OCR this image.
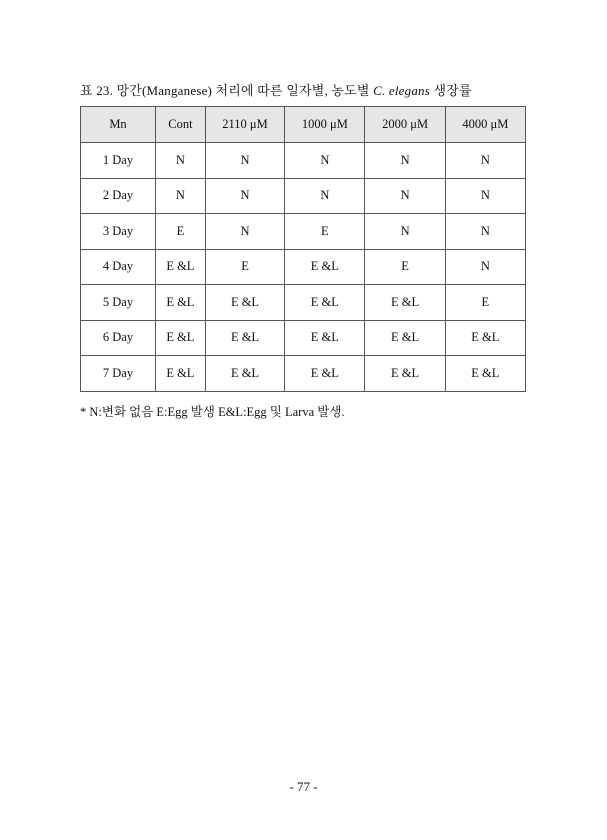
표 23. 망간(Manganese) 처리에 따른 일자별, 농도별 C. elegans 생장률
Mn	Cont	2110 μM	1000 μM	2000 μM	4000 μM
1 Day	N	N	N	N	N
2 Day	N	N	N	N	N
3 Day	E	N	E	N	N
4 Day	E &L	E	E &L	E	N
5 Day	E &L	E &L	E &L	E &L	E
6 Day	E &L	E &L	E &L	E &L	E &L
7 Day	E &L	E &L	E &L	E &L	E &L
* N:변화 없음 E:Egg 발생 E&L:Egg 및 Larva 발생.
- 77 -
